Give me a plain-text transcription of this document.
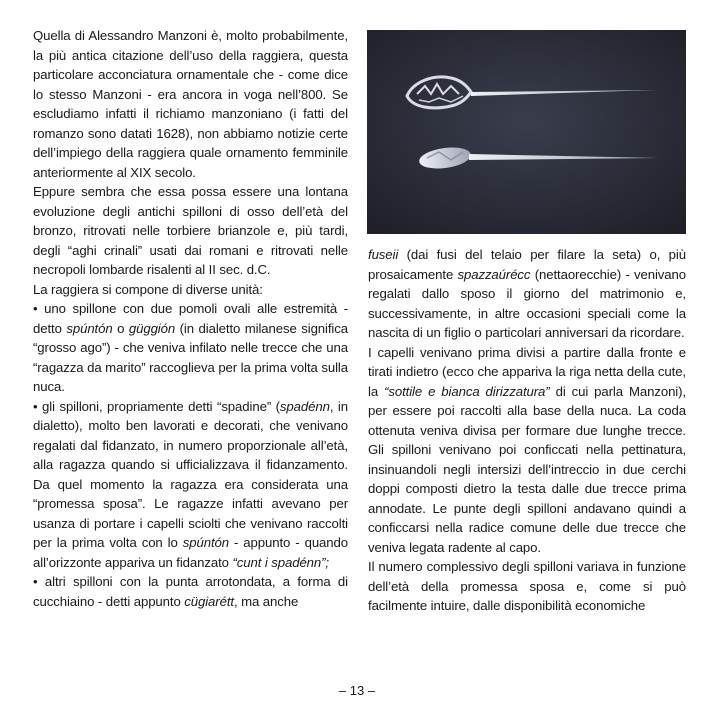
Quella di Alessandro Manzoni è, molto probabilmente, la più antica citazione dell’uso della raggiera, questa particolare acconciatura ornamentale che - come dice lo stesso Manzoni - era ancora in voga nell’800. Se escludiamo infatti il richiamo manzoniano (i fatti del romanzo sono datati 1628), non abbiamo notizie certe dell’impiego della raggiera quale ornamento femminile anteriormente al XIX secolo.

Eppure sembra che essa possa essere una lontana evoluzione degli antichi spilloni di osso dell’età del bronzo, ritrovati nelle torbiere brianzole e, più tardi, degli “aghi crinali” usati dai romani e ritrovati nelle necropoli lombarde risalenti al II sec. d.C.

La raggiera si compone di diverse unità:

• uno spillone con due pomoli ovali alle estremità - detto spúntón o güggión (in dialetto milanese significa “grosso ago”) - che veniva infilato nelle trecce che una “ragazza da marito” raccoglieva per la prima volta sulla nuca.

• gli spilloni, propriamente detti “spadine” (spadénn, in dialetto), molto ben lavorati e decorati, che venivano regalati dal fidanzato, in numero proporzionale all’età, alla ragazza quando si ufficializzava il fidanzamento. Da quel momento la ragazza era considerata una “promessa sposa”. Le ragazze infatti avevano per usanza di portare i capelli sciolti che venivano raccolti per la prima volta con lo spúntón - appunto - quando all’orizzonte appariva un fidanzato “cunt i spadénn”;

• altri spilloni con la punta arrotondata, a forma di cucchiaino - detti appunto cügiarétt, ma anche

fuseii (dai fusi del telaio per filare la seta) o, più prosaicamente spazzaúrécc (nettaorecchie) - venivano regalati dallo sposo il giorno del matrimonio e, successivamente, in altre occasioni speciali come la nascita di un figlio o particolari anniversari da ricordare.

I capelli venivano prima divisi a partire dalla fronte e tirati indietro (ecco che appariva la riga netta della cute, la “sottile e bianca dirizzatura” di cui parla Manzoni), per essere poi raccolti alla base della nuca. La coda ottenuta veniva divisa per formare due lunghe trecce. Gli spilloni venivano poi conficcati nella pettinatura, insinuandoli negli intersizi dell’intreccio in due cerchi doppi composti dietro la testa dalle due trecce prima annodate. Le punte degli spilloni andavano quindi a conficcarsi nella radice comune delle due trecce che veniva legata radente al capo.

Il numero complessivo degli spilloni variava in funzione dell’età della promessa sposa e, come si può facilmente intuire, dalle disponibilità economiche

– 13 –
